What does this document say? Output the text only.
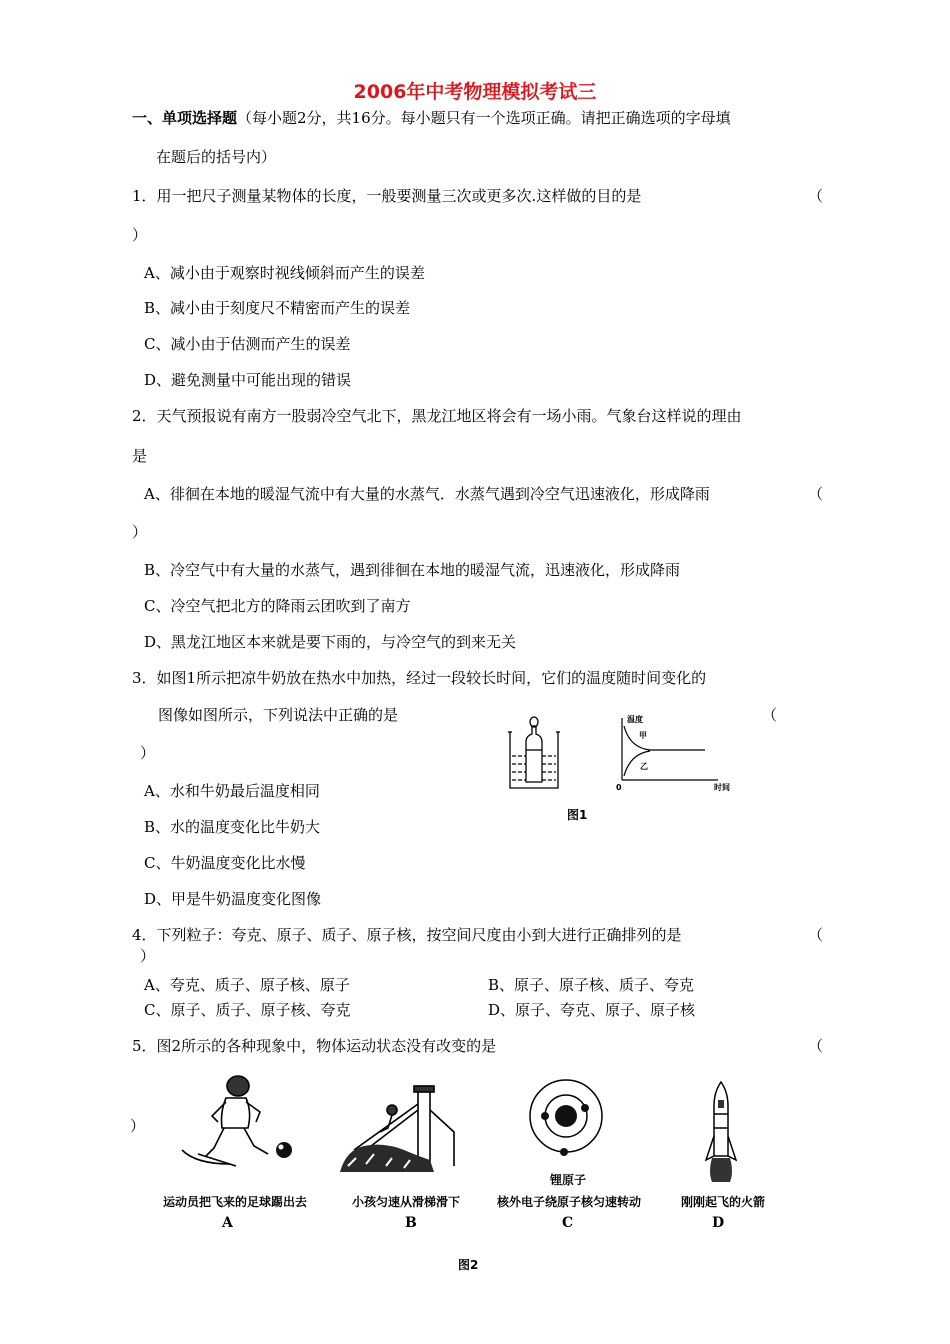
2006年中考物理模拟考试三
一、单项选择题（每小题2分，共16分。每小题只有一个选项正确。请把正确选项的字母填
在题后的括号内）
1．用一把尺子测量某物体的长度，一般要测量三次或更多次.这样做的目的是	（
）
A、减小由于观察时视线倾斜而产生的误差
B、减小由于刻度尺不精密而产生的误差
C、减小由于估测而产生的误差
D、避免测量中可能出现的错误
2．天气预报说有南方一股弱冷空气北下，黑龙江地区将会有一场小雨。气象台这样说的理由
是
A、徘徊在本地的暖湿气流中有大量的水蒸气．水蒸气遇到冷空气迅速液化，形成降雨	（
）
B、冷空气中有大量的水蒸气，遇到徘徊在本地的暖湿气流，迅速液化，形成降雨
C、冷空气把北方的降雨云团吹到了南方
D、黑龙江地区本来就是要下雨的，与冷空气的到来无关
3．如图1所示把凉牛奶放在热水中加热，经过一段较长时间，它们的温度随时间变化的
图像如图所示，下列说法中正确的是	（
）
A、水和牛奶最后温度相同
B、水的温度变化比牛奶大
C、牛奶温度变化比水慢
D、甲是牛奶温度变化图像
温度
甲
乙
0	时间
图1
4．下列粒子：夸克、原子、质子、原子核，按空间尺度由小到大进行正确排列的是	（
）
A、夸克、质子、原子核、原子	B、原子、原子核、质子、夸克
C、原子、质子、原子核、夸克	D、原子、夸克、原子、原子核
5．图2所示的各种现象中，物体运动状态没有改变的是	（
）
锂原子
运动员把飞来的足球踢出去	小孩匀速从滑梯滑下	核外电子绕原子核匀速转动	刚刚起飞的火箭
A	B	C	D
图2
